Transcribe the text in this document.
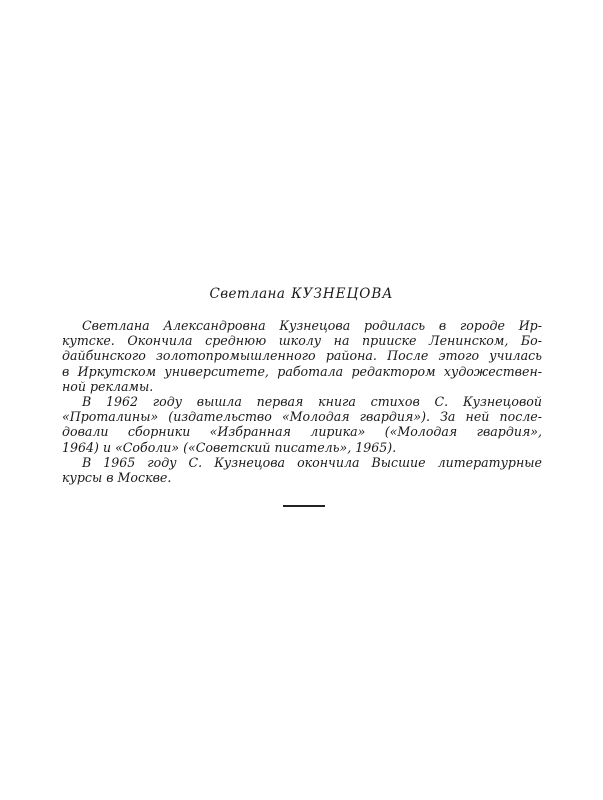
Светлана КУЗНЕЦОВА
Светлана Александровна Кузнецова родилась в городе Ир-
кутске. Окончила среднюю школу на прииске Ленинском, Бо-
дайбинского золотопромышленного района. После этого училась
в Иркутском университете, работала редактором художествен-
ной рекламы.
В 1962 году вышла первая книга стихов С. Кузнецовой
«Проталины» (издательство «Молодая гвардия»). За ней после-
довали сборники «Избранная лирика» («Молодая гвардия»,
1964) и «Соболи» («Советский писатель», 1965).
В 1965 году С. Кузнецова окончила Высшие литературные
курсы в Москве.
